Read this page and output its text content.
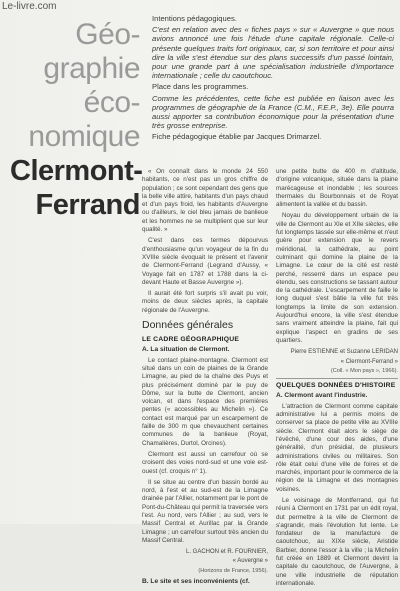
Le-livre.com
Géo-
graphie
éco-
nomique
Clermont-
Ferrand

Intentions pédagogiques.

C'est en relation avec des « fiches pays » sur « Auvergne » que nous avions annoncé une fois l'étude d'une capitale régionale. Celle-ci présente quelques traits fort originaux, car, si son territoire et pour ainsi dire la ville s'est étendue sur des plans successifs d'un passé lointain, pour une grande part à une spécialisation industrielle d'importance internationale ; celle du caoutchouc.

Place dans les programmes.

Comme les précédentes, cette fiche est publiée en liaison avec les programmes de géographie de la France (C.M., F.E.P., 3e). Elle pourra aussi apporter sa contribution économique pour la présentation d'une très grosse entreprise.

Fiche pédagogique établie par Jacques Drimarzel.

« On connaît dans le monde 24 550 habitants, ce n'est pas un gros chiffre de population ; ce sont cependant des gens que la belle ville attire, habitants d'un pays chaud et d'un pays froid, les habitants d'Auvergne ou d'ailleurs, le ciel bleu jamais de banlieue et les hommes ne se multiplient que sur leur qualité. »

C'est dans ces termes dépourvus d'enthousiasme qu'un voyageur de la fin du XVIIIe siècle évoquait le présent et l'avenir de Clermont-Ferrand (Legrand d'Aussy, « Voyage fait en 1787 et 1788 dans la ci-devant Haute et Basse Auvergne »).

Il aurait été fort surpris s'il avait pu voir, moins de deux siècles après, la capitale régionale de l'Auvergne.

Données générales
LE CADRE GÉOGRAPHIQUE
A. La situation de Clermont.

Le contact plaine-montagne. Clermont est situé dans un coin de plaines de la Grande Limagne, au pied de la chaîne des Puys et plus précisément dominé par le puy de Dôme, sur la butte de Clermont, ancien volcan, et dans l'espace des premières pentes (« accessibles au Michelin »). Ce contact est marqué par un escarpement de faille de 300 m que chevauchent certaines communes de la banlieue (Royat, Chamalières, Durtol, Orcines).

Clermont est aussi un carrefour où se croisent des voies nord-sud et une voie est-ouest (cf. croquis n° 1).

Il se situe au centre d'un bassin bordé au nord, à l'est et au sud-est de la Limagne drainée par l'Allier, notamment par le pont de Pont-du-Château qui permit la traversée vers l'est. Au nord, vers l'Allier ; au sud, vers le Massif Central et Aurillac par la Grande Limagne ; un carrefour surtout très ancien du Massif Central.

L. GACHON et R. FOURNIER,
« Auvergne »
(Horizons de France, 1956).
B. Le site et ses inconvénients (cf.

une petite butte de 400 m d'altitude, d'origine volcanique, située dans la plaine marécageuse et inondable ; les sources thermales du Bourbonnais et de Royat alimentent la vallée et du bassin.

Noyau du développement urbain de la ville de Clermont au XIe et XIIe siècles, elle fut longtemps tassée sur elle-même et n'eut guère pour extension que le revers méridional, la cathédrale, au point culminant qui domine la plaine de la Limagne. Le cœur de la cité est resté perché, resserré dans un espace peu étendu, ses constructions se tassant autour de la cathédrale. L'escarpement de faille le long duquel s'est bâtie la ville fut très longtemps la limite de son extension. Aujourd'hui encore, la ville s'est étendue sans vraiment atteindre la plaine, fait qui explique l'aspect en gradins de ses quartiers.

Pierre ESTIENNE et Suzanne LERIDAN
« Clermont-Ferrand »
(Coll. « Mon pays », 1966).
QUELQUES DONNÉES D'HISTOIRE
A. Clermont avant l'industrie.

L'attraction de Clermont comme capitale administrative lui a permis moins de conserver sa place de petite ville au XVIIIe siècle. Clermont était alors le siège de l'évêché, d'une cour des aides, d'une généralité, d'un présidial, de plusieurs administrations civiles ou militaires. Son rôle était celui d'une ville de foires et de marchés, important pour le commerce de la région de la Limagne et des montagnes voisines.

Le voisinage de Montferrand, qui fut réuni à Clermont en 1731 par un édit royal, dut permettre à la ville de Clermont de s'agrandir, mais l'évolution fut lente. Le fondateur de la manufacture de caoutchouc, au XIXe siècle, Aristide Barbier, donne l'essor à la ville ; la Michelin fut créée en 1889 et Clermont devint la capitale du caoutchouc, de l'Auvergne, à une ville industrielle de réputation internationale.
